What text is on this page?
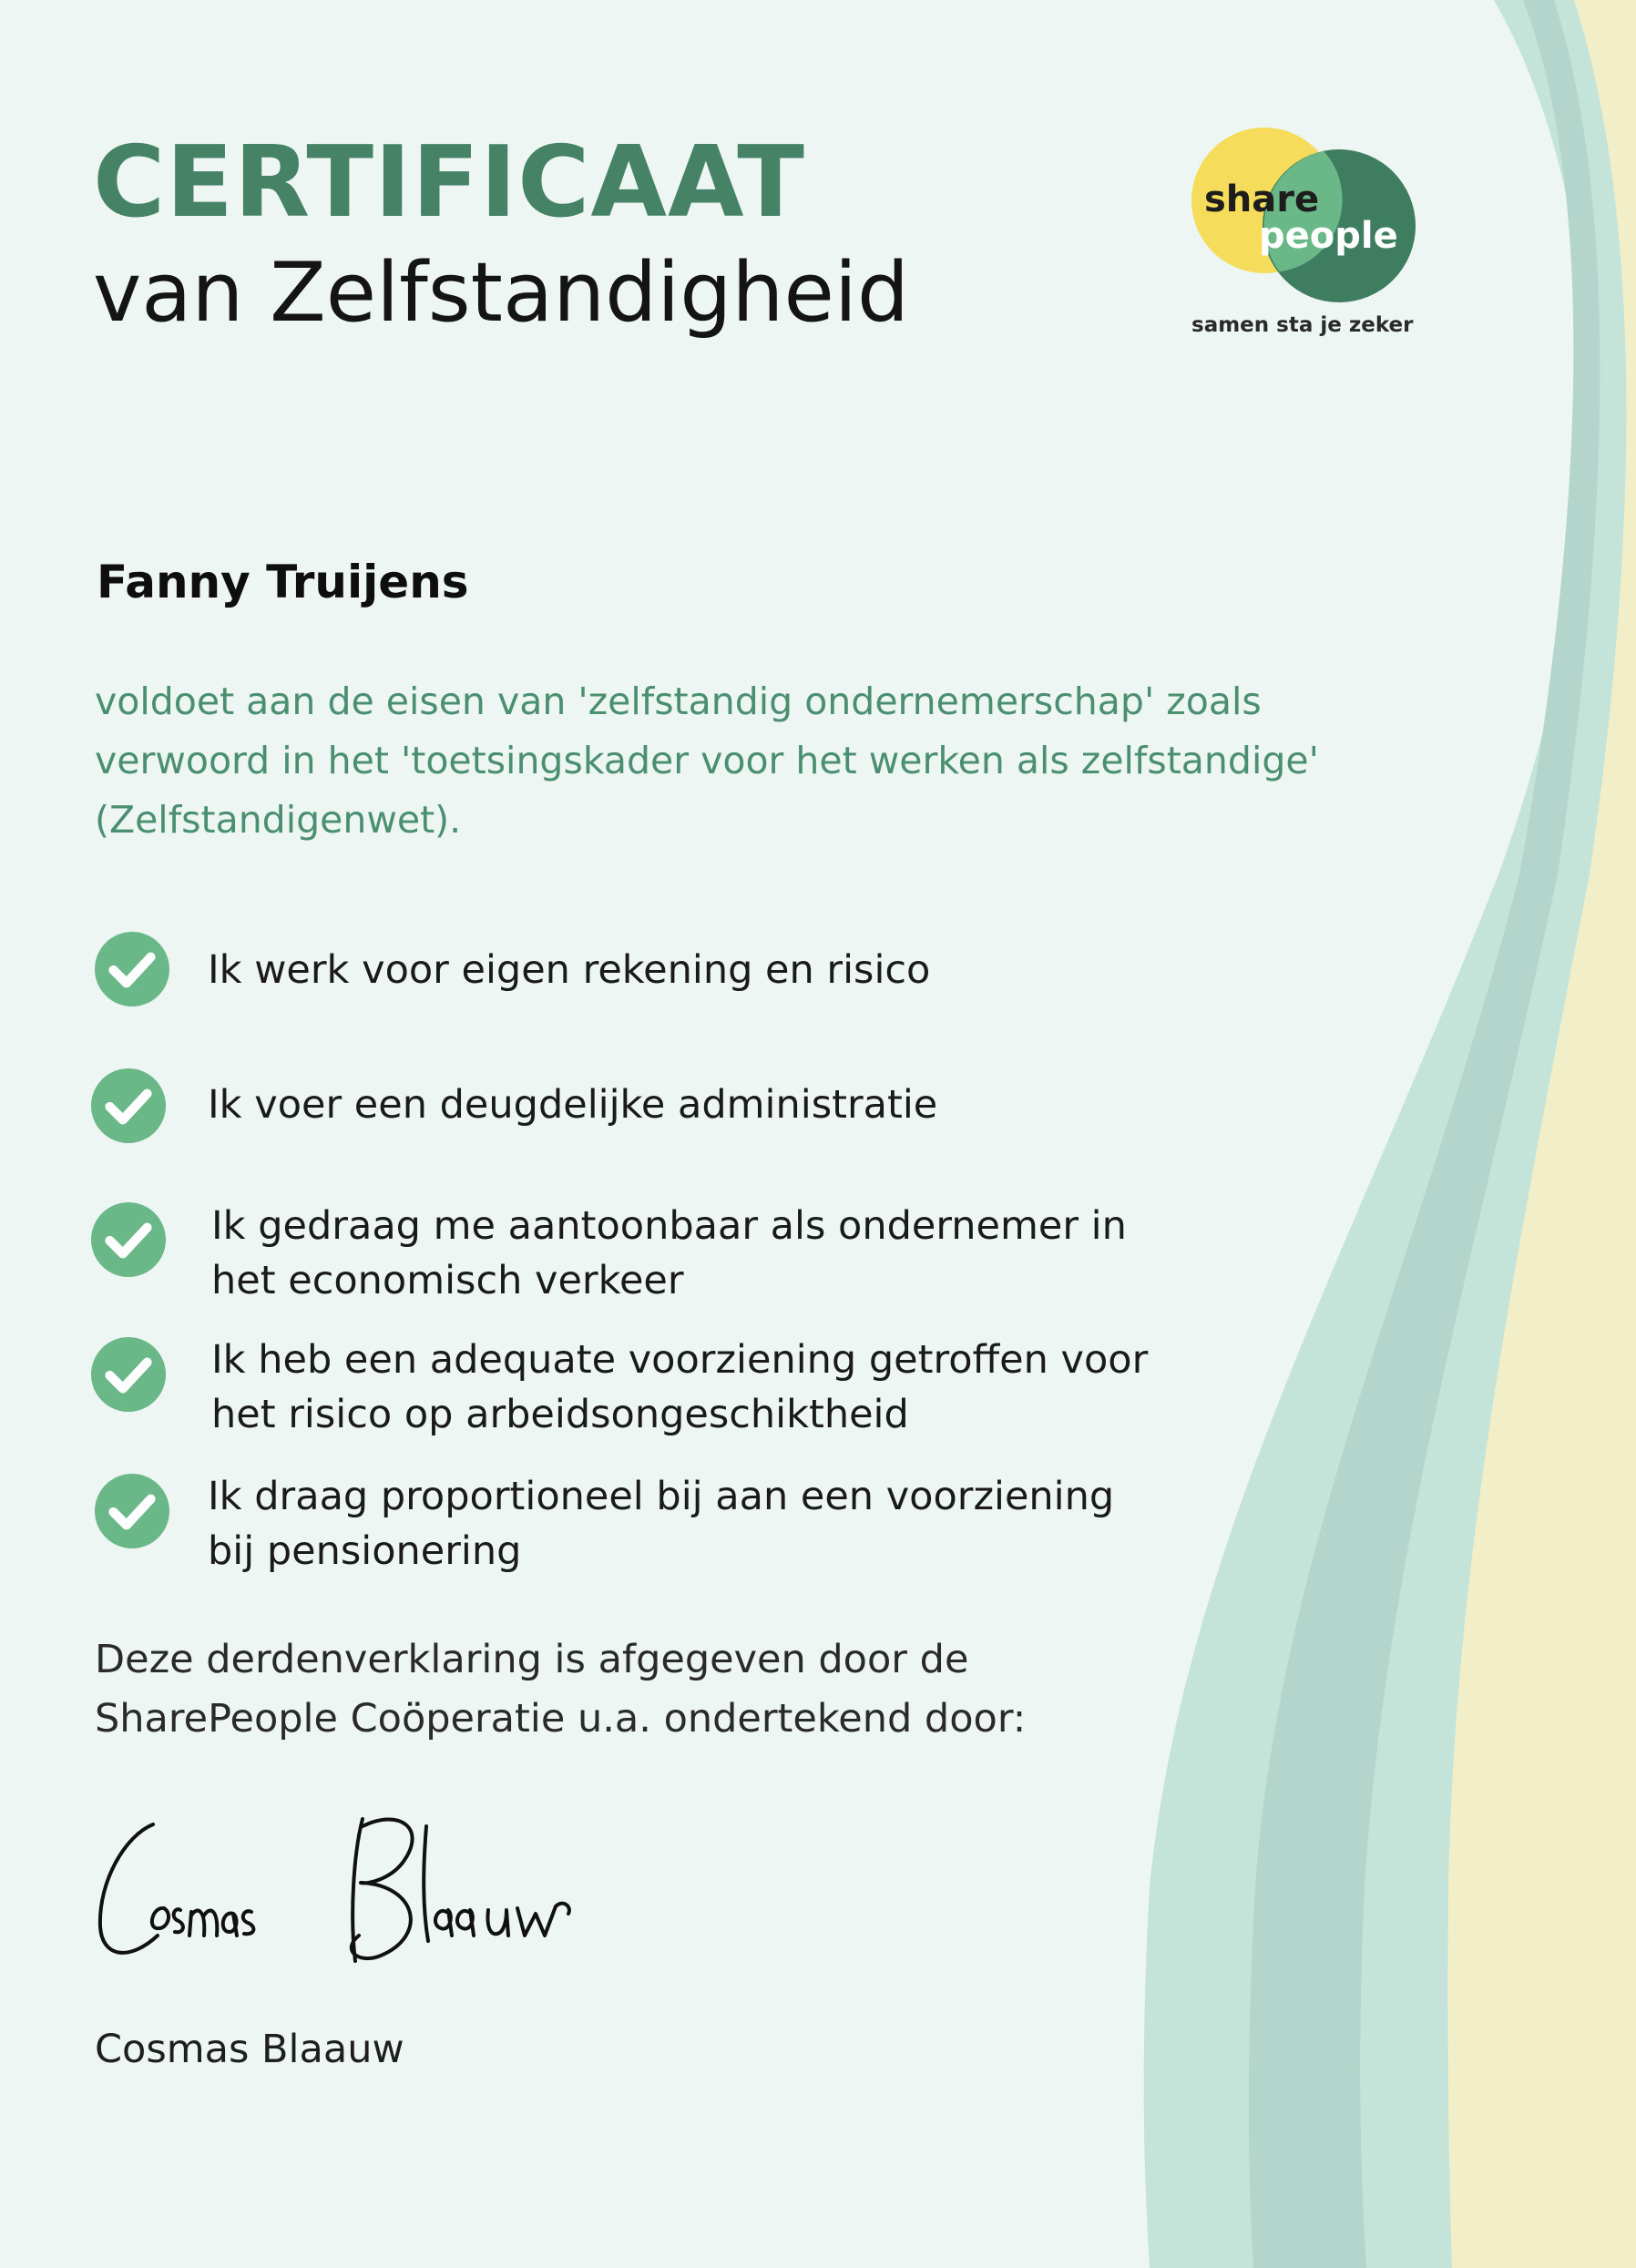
CERTIFICAAT
van Zelfstandigheid
share
people
samen sta je zeker
Fanny Truijens
voldoet aan de eisen van 'zelfstandig ondernemerschap' zoals verwoord in het 'toetsingskader voor het werken als zelfstandige' (Zelfstandigenwet).
Ik werk voor eigen rekening en risico
Ik voer een deugdelijke administratie
Ik gedraag me aantoonbaar als ondernemer in
het economisch verkeer
Ik heb een adequate voorziening getroffen voor
het risico op arbeidsongeschiktheid
Ik draag proportioneel bij aan een voorziening
bij pensionering
Deze derdenverklaring is afgegeven door de
SharePeople Coöperatie u.a. ondertekend door:
Cosmas Blaauw
